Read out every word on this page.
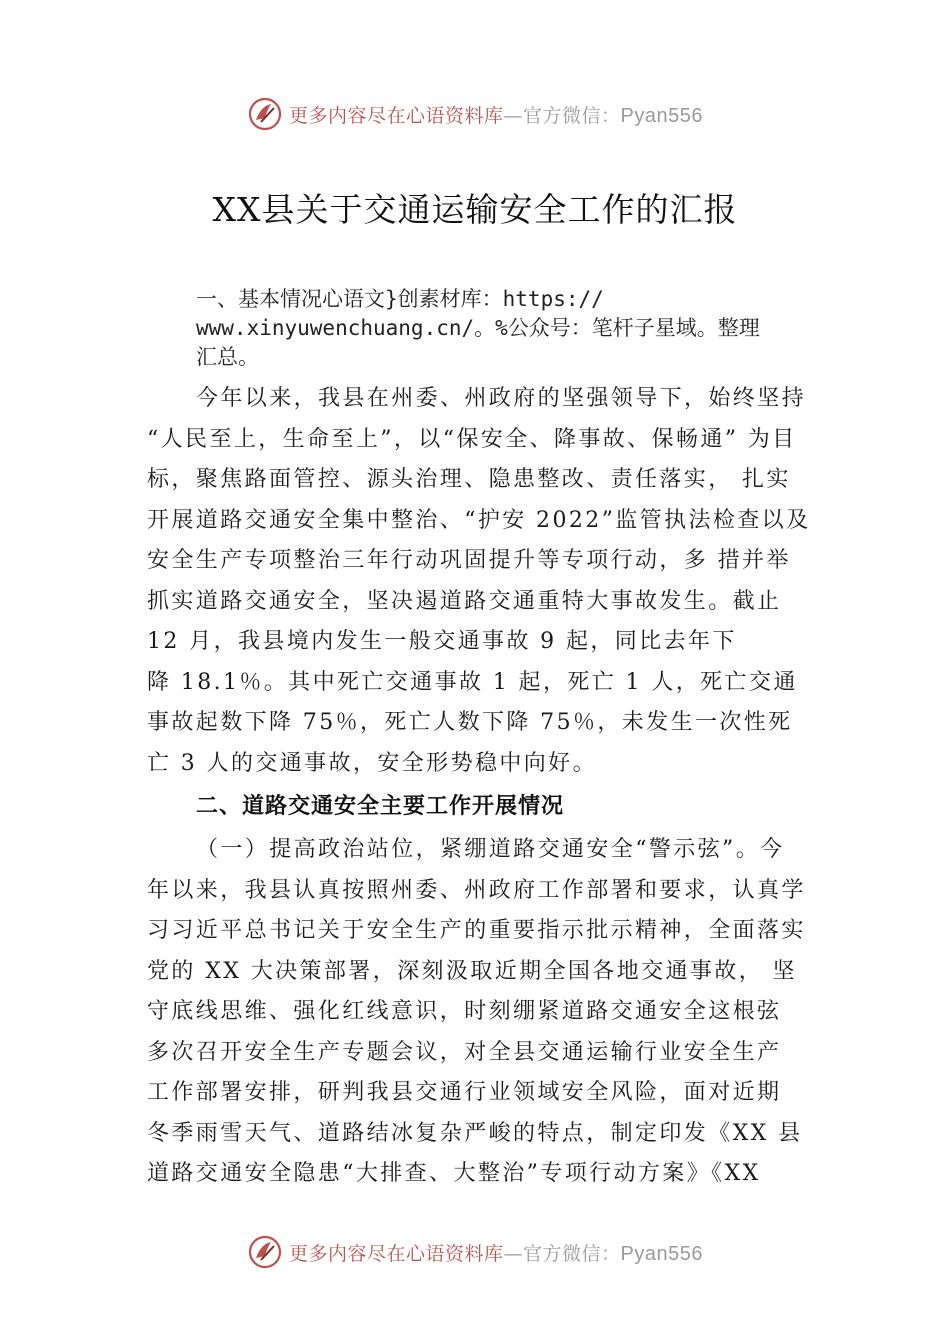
更多内容尽在心语资料库—官方微信：Pyan556
XX县关于交通运输安全工作的汇报
一、基本情况心语文}创素材库：https://
www.xinyuwenchuang.cn/。%公众号：笔杆子星域。整理
汇总。
今年以来，我县在州委、州政府的坚强领导下，始终坚持
“人民至上，生命至上”，以“保安全、降事故、保畅通” 为目
标，聚焦路面管控、源头治理、隐患整改、责任落实， 扎实
开展道路交通安全集中整治、“护安 2022”监管执法检查以及
安全生产专项整治三年行动巩固提升等专项行动，多 措并举
抓实道路交通安全，坚决遏道路交通重特大事故发生。截止
12 月，我县境内发生一般交通事故 9 起，同比去年下
降 18.1％。其中死亡交通事故 1 起，死亡 1 人，死亡交通
事故起数下降 75％，死亡人数下降 75％，未发生一次性死
亡 3 人的交通事故，安全形势稳中向好。
二、道路交通安全主要工作开展情况
（一）提高政治站位，紧绷道路交通安全“警示弦”。今
年以来，我县认真按照州委、州政府工作部署和要求，认真学
习习近平总书记关于安全生产的重要指示批示精神，全面落实
党的 XX 大决策部署，深刻汲取近期全国各地交通事故， 坚
守底线思维、强化红线意识，时刻绷紧道路交通安全这根弦
多次召开安全生产专题会议，对全县交通运输行业安全生产
工作部署安排，研判我县交通行业领域安全风险，面对近期
冬季雨雪天气、道路结冰复杂严峻的特点，制定印发《XX 县
道路交通安全隐患“大排查、大整治”专项行动方案》《XX
更多内容尽在心语资料库—官方微信：Pyan556
